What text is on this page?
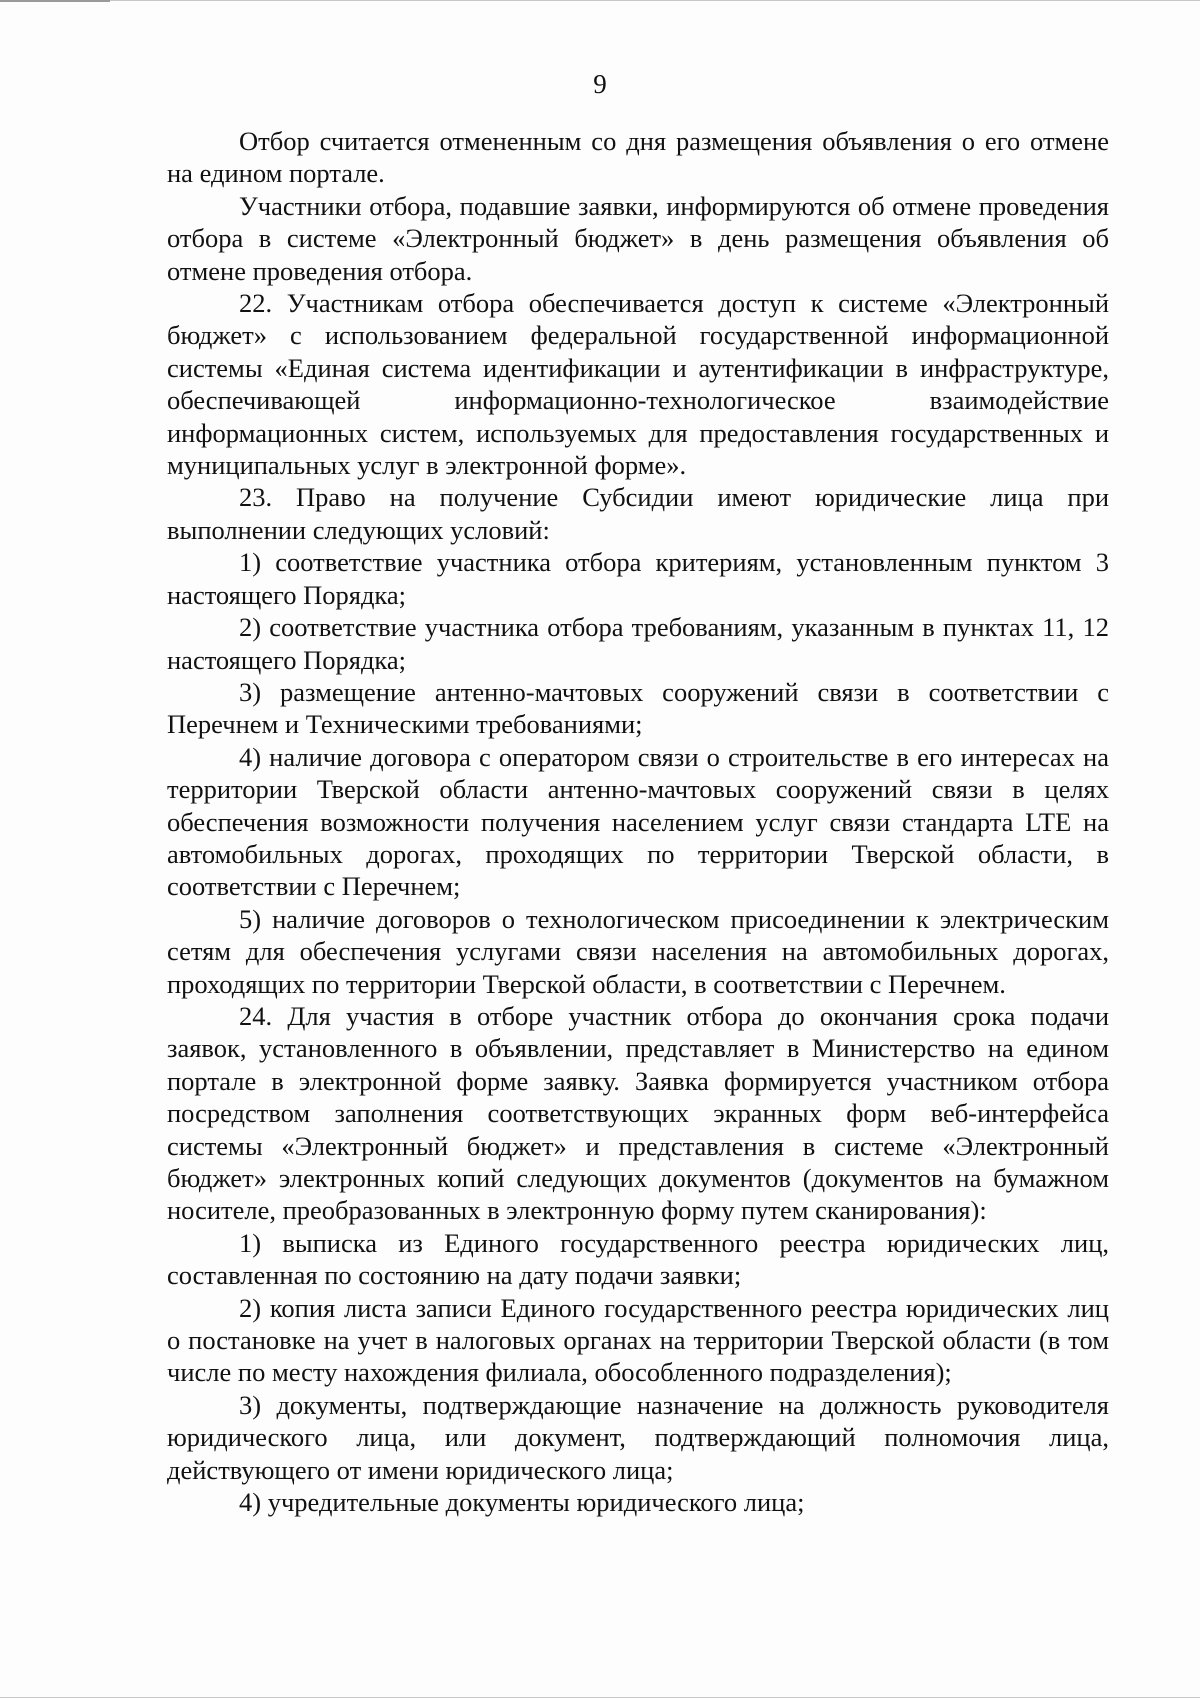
9

Отбор считается отмененным со дня размещения объявления о его отмене на едином портале.

Участники отбора, подавшие заявки, информируются об отмене проведения отбора в системе «Электронный бюджет» в день размещения объявления об отмене проведения отбора.

22. Участникам отбора обеспечивается доступ к системе «Электронный бюджет» с использованием федеральной государственной информационной системы «Единая система идентификации и аутентификации в инфраструктуре, обеспечивающей информационно-технологическое взаимодействие информационных систем, используемых для предоставления государственных и муниципальных услуг в электронной форме».

23. Право на получение Субсидии имеют юридические лица при выполнении следующих условий:

1) соответствие участника отбора критериям, установленным пунктом 3 настоящего Порядка;

2) соответствие участника отбора требованиям, указанным в пунктах 11, 12 настоящего Порядка;

3) размещение антенно-мачтовых сооружений связи в соответствии с Перечнем и Техническими требованиями;

4) наличие договора с оператором связи о строительстве в его интересах на территории Тверской области антенно-мачтовых сооружений связи в целях обеспечения возможности получения населением услуг связи стандарта LTE на автомобильных дорогах, проходящих по территории Тверской области, в соответствии с Перечнем;

5) наличие договоров о технологическом присоединении к электрическим сетям для обеспечения услугами связи населения на автомобильных дорогах, проходящих по территории Тверской области, в соответствии с Перечнем.

24. Для участия в отборе участник отбора до окончания срока подачи заявок, установленного в объявлении, представляет в Министерство на едином портале в электронной форме заявку. Заявка формируется участником отбора посредством заполнения соответствующих экранных форм веб-интерфейса системы «Электронный бюджет» и представления в системе «Электронный бюджет» электронных копий следующих документов (документов на бумажном носителе, преобразованных в электронную форму путем сканирования):

1) выписка из Единого государственного реестра юридических лиц, составленная по состоянию на дату подачи заявки;

2) копия листа записи Единого государственного реестра юридических лиц о постановке на учет в налоговых органах на территории Тверской области (в том числе по месту нахождения филиала, обособленного подразделения);

3) документы, подтверждающие назначение на должность руководителя юридического лица, или документ, подтверждающий полномочия лица, действующего от имени юридического лица;

4) учредительные документы юридического лица;
